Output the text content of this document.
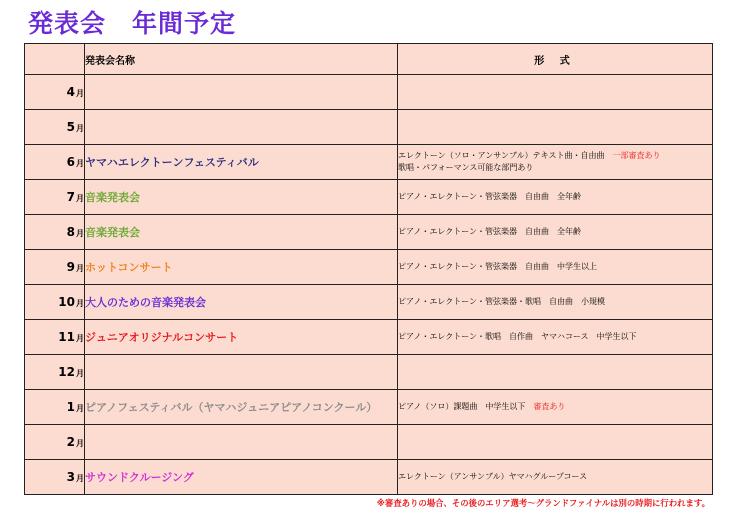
発表会　年間予定
	発表会名称	形 式
4月		

5月		

6月	ヤマハエレクトーンフェスティバル	エレクトーン（ソロ・アンサンブル）テキスト曲・自由曲　一部審査あり
歌唱・パフォーマンス可能な部門あり

7月	音楽発表会	ピアノ・エレクトーン・管弦楽器　自由曲　全年齢

8月	音楽発表会	ピアノ・エレクトーン・管弦楽器　自由曲　全年齢

9月	ホットコンサート	ピアノ・エレクトーン・管弦楽器　自由曲　中学生以上

10月	大人のための音楽発表会	ピアノ・エレクトーン・管弦楽器・歌唱　自由曲　小規模

11月	ジュニアオリジナルコンサート	ピアノ・エレクトーン・歌唱　自作曲　ヤマハコース　中学生以下

12月		

1月	ピアノフェスティバル（ヤマハジュニアピアノコンクール）	ピアノ（ソロ）課題曲　中学生以下　審査あり

2月		

3月	サウンドクルージング	エレクトーン（アンサンブル）ヤマハグループコース

※審査ありの場合、その後のエリア選考～グランドファイナルは別の時期に行われます。
